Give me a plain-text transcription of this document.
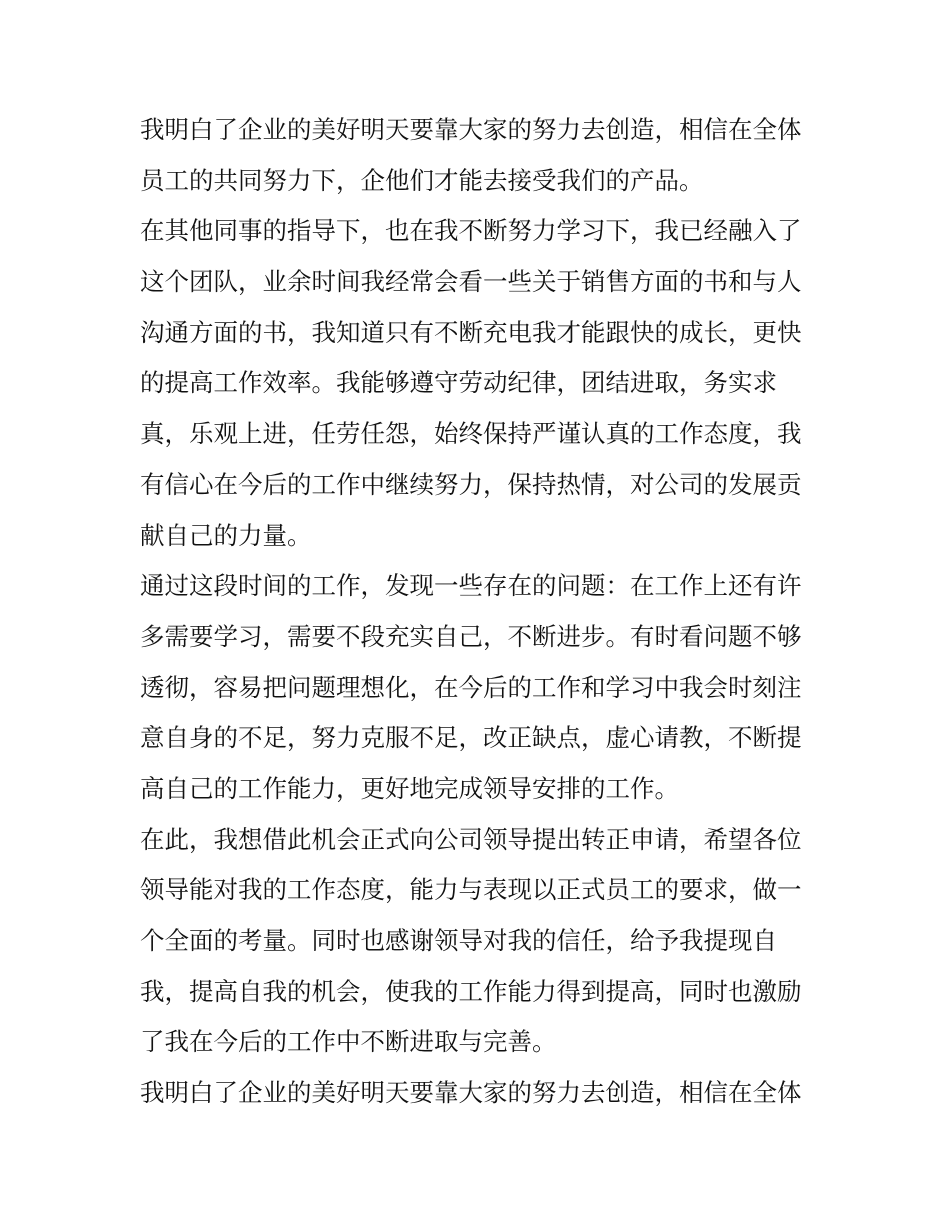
我明白了企业的美好明天要靠大家的努力去创造，相信在全体
员工的共同努力下，企他们才能去接受我们的产品。
在其他同事的指导下，也在我不断努力学习下，我已经融入了
这个团队，业余时间我经常会看一些关于销售方面的书和与人
沟通方面的书，我知道只有不断充电我才能跟快的成长，更快
的提高工作效率。我能够遵守劳动纪律，团结进取，务实求
真，乐观上进，任劳任怨，始终保持严谨认真的工作态度，我
有信心在今后的工作中继续努力，保持热情，对公司的发展贡
献自己的力量。
通过这段时间的工作，发现一些存在的问题：在工作上还有许
多需要学习，需要不段充实自己，不断进步。有时看问题不够
透彻，容易把问题理想化，在今后的工作和学习中我会时刻注
意自身的不足，努力克服不足，改正缺点，虚心请教，不断提
高自己的工作能力，更好地完成领导安排的工作。
在此，我想借此机会正式向公司领导提出转正申请，希望各位
领导能对我的工作态度，能力与表现以正式员工的要求，做一
个全面的考量。同时也感谢领导对我的信任，给予我提现自
我，提高自我的机会，使我的工作能力得到提高，同时也激励
了我在今后的工作中不断进取与完善。
我明白了企业的美好明天要靠大家的努力去创造，相信在全体
